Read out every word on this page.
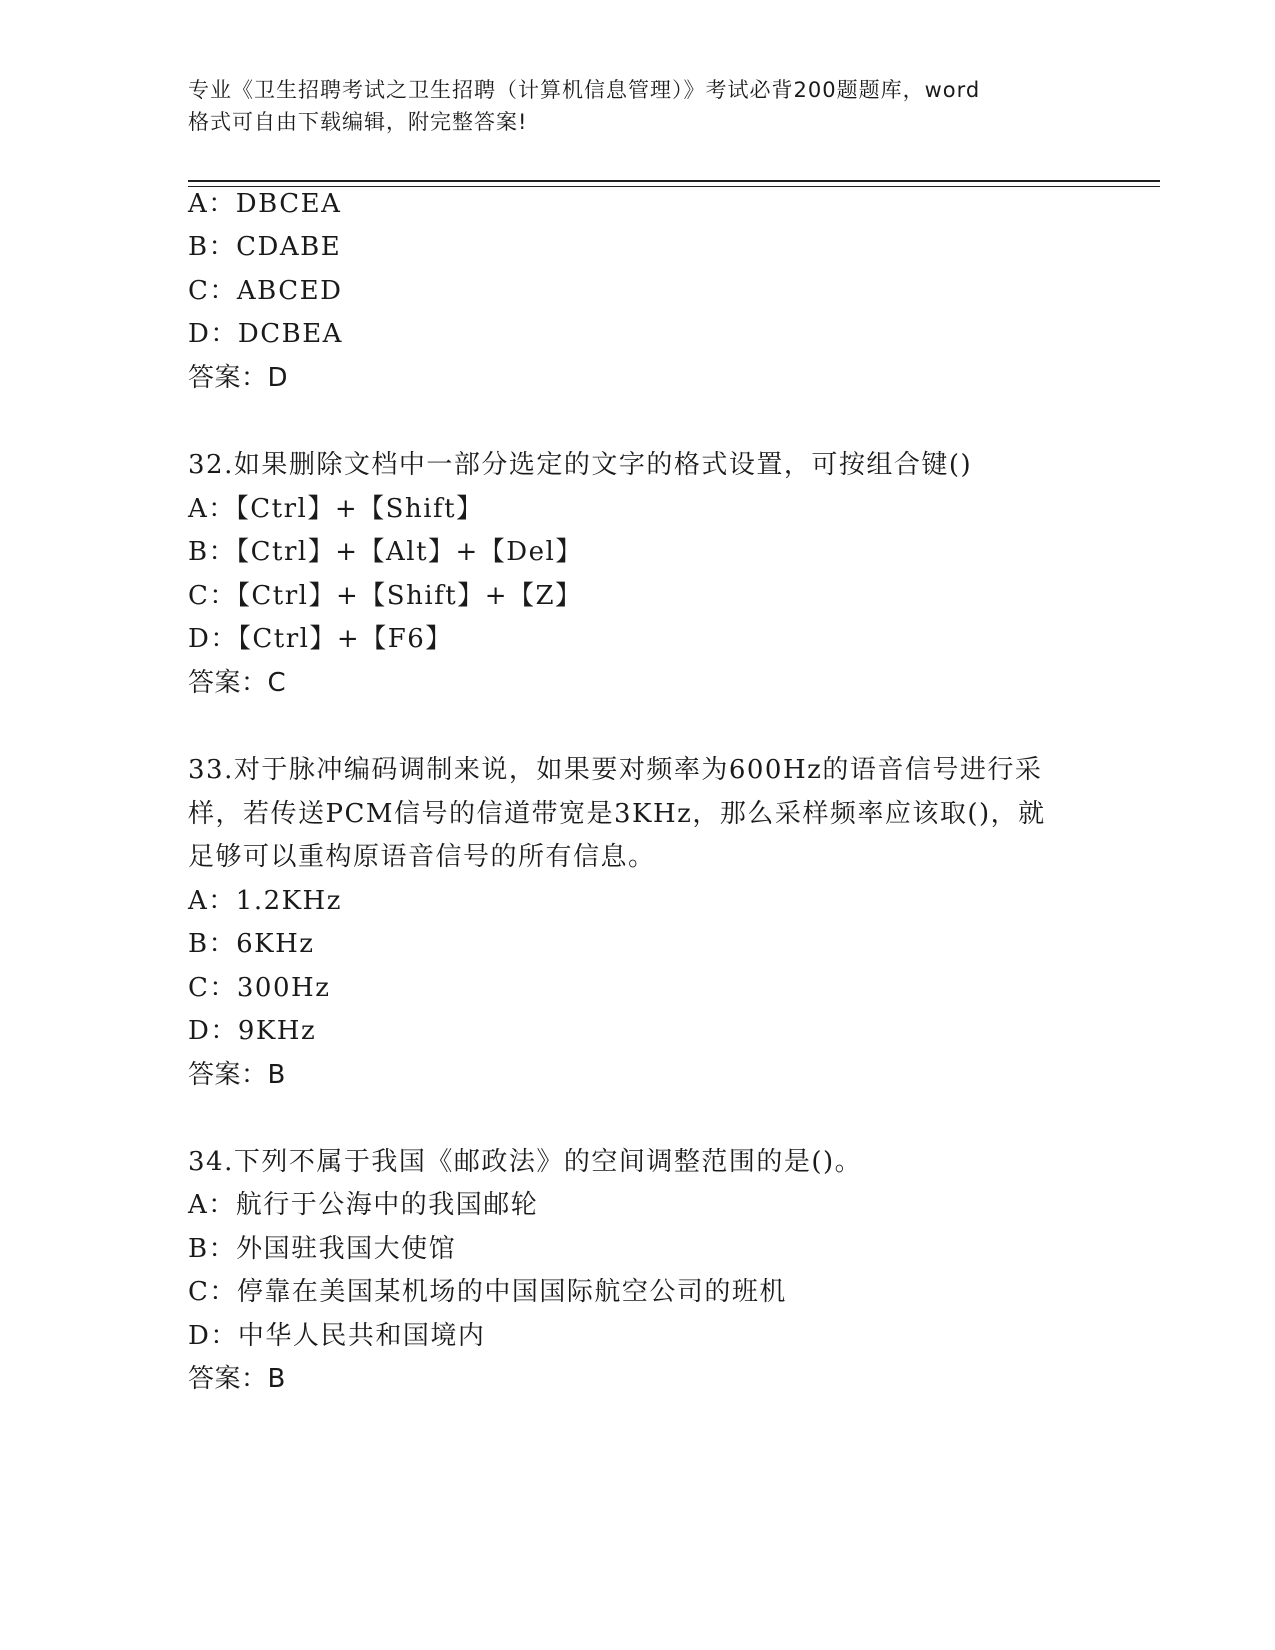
专业《卫生招聘考试之卫生招聘（计算机信息管理）》考试必背200题题库，word
格式可自由下载编辑，附完整答案!
A：DBCEA
B：CDABE
C：ABCED
D：DCBEA
答案：D
32.如果删除文档中一部分选定的文字的格式设置，可按组合键()
A：【Ctrl】+【Shift】
B：【Ctrl】+【Alt】+【Del】
C：【Ctrl】+【Shift】+【Z】
D：【Ctrl】+【F6】
答案：C
33.对于脉冲编码调制来说，如果要对频率为600Hz的语音信号进行采
样，若传送PCM信号的信道带宽是3KHz，那么采样频率应该取()，就
足够可以重构原语音信号的所有信息。
A：1.2KHz
B：6KHz
C：300Hz
D：9KHz
答案：B
34.下列不属于我国《邮政法》的空间调整范围的是()。
A：航行于公海中的我国邮轮
B：外国驻我国大使馆
C：停靠在美国某机场的中国国际航空公司的班机
D：中华人民共和国境内
答案：B
